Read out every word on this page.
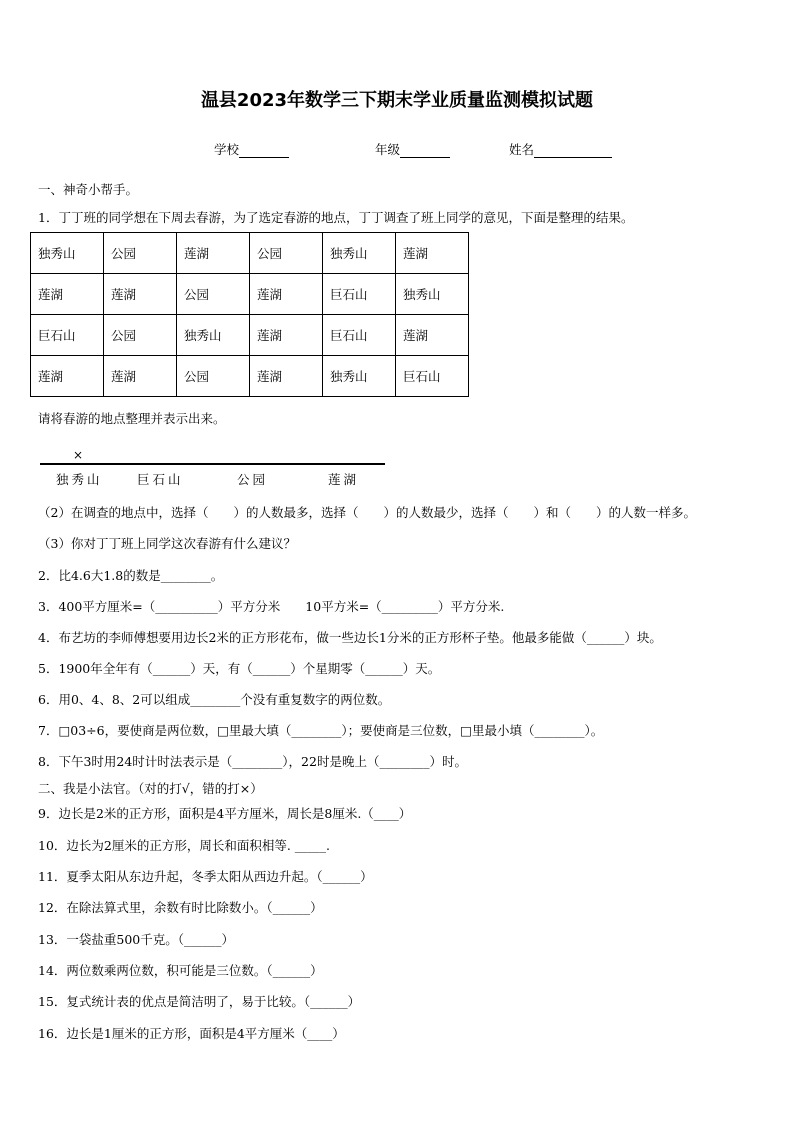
温县2023年数学三下期末学业质量监测模拟试题
学校	年级	姓名
一、神奇小帮手。
1．丁丁班的同学想在下周去春游，为了选定春游的地点，丁丁调查了班上同学的意见，下面是整理的结果。
独秀山	公园	莲湖	公园	独秀山	莲湖
莲湖	莲湖	公园	莲湖	巨石山	独秀山
巨石山	公园	独秀山	莲湖	巨石山	莲湖
莲湖	莲湖	公园	莲湖	独秀山	巨石山
请将春游的地点整理并表示出来。
×
独秀山	巨石山	公园	莲湖
（2）在调查的地点中，选择（　　）的人数最多，选择（　　）的人数最少，选择（　　）和（　　）的人数一样多。
（3）你对丁丁班上同学这次春游有什么建议？
2．比4.6大1.8的数是________。
3．400平方厘米=（__________）平方分米　　10平方米=（_________）平方分米.
4．布艺坊的李师傅想要用边长2米的正方形花布，做一些边长1分米的正方形杯子垫。他最多能做（______）块。
5．1900年全年有（______）天，有（______）个星期零（______）天。
6．用0、4、8、2可以组成________个没有重复数字的两位数。
7．□03÷6，要使商是两位数，□里最大填（________）；要使商是三位数，□里最小填（________）。
8．下午3时用24时计时法表示是（________），22时是晚上（________）时。
二、我是小法官。（对的打√，错的打×）
9．边长是2米的正方形，面积是4平方厘米，周长是8厘米.（____）
10．边长为2厘米的正方形，周长和面积相等. _____.
11．夏季太阳从东边升起，冬季太阳从西边升起。（______）
12．在除法算式里，余数有时比除数小。（______）
13．一袋盐重500千克。（______）
14．两位数乘两位数，积可能是三位数。（______）
15．复式统计表的优点是简洁明了，易于比较。（______）
16．边长是1厘米的正方形，面积是4平方厘米（____）
